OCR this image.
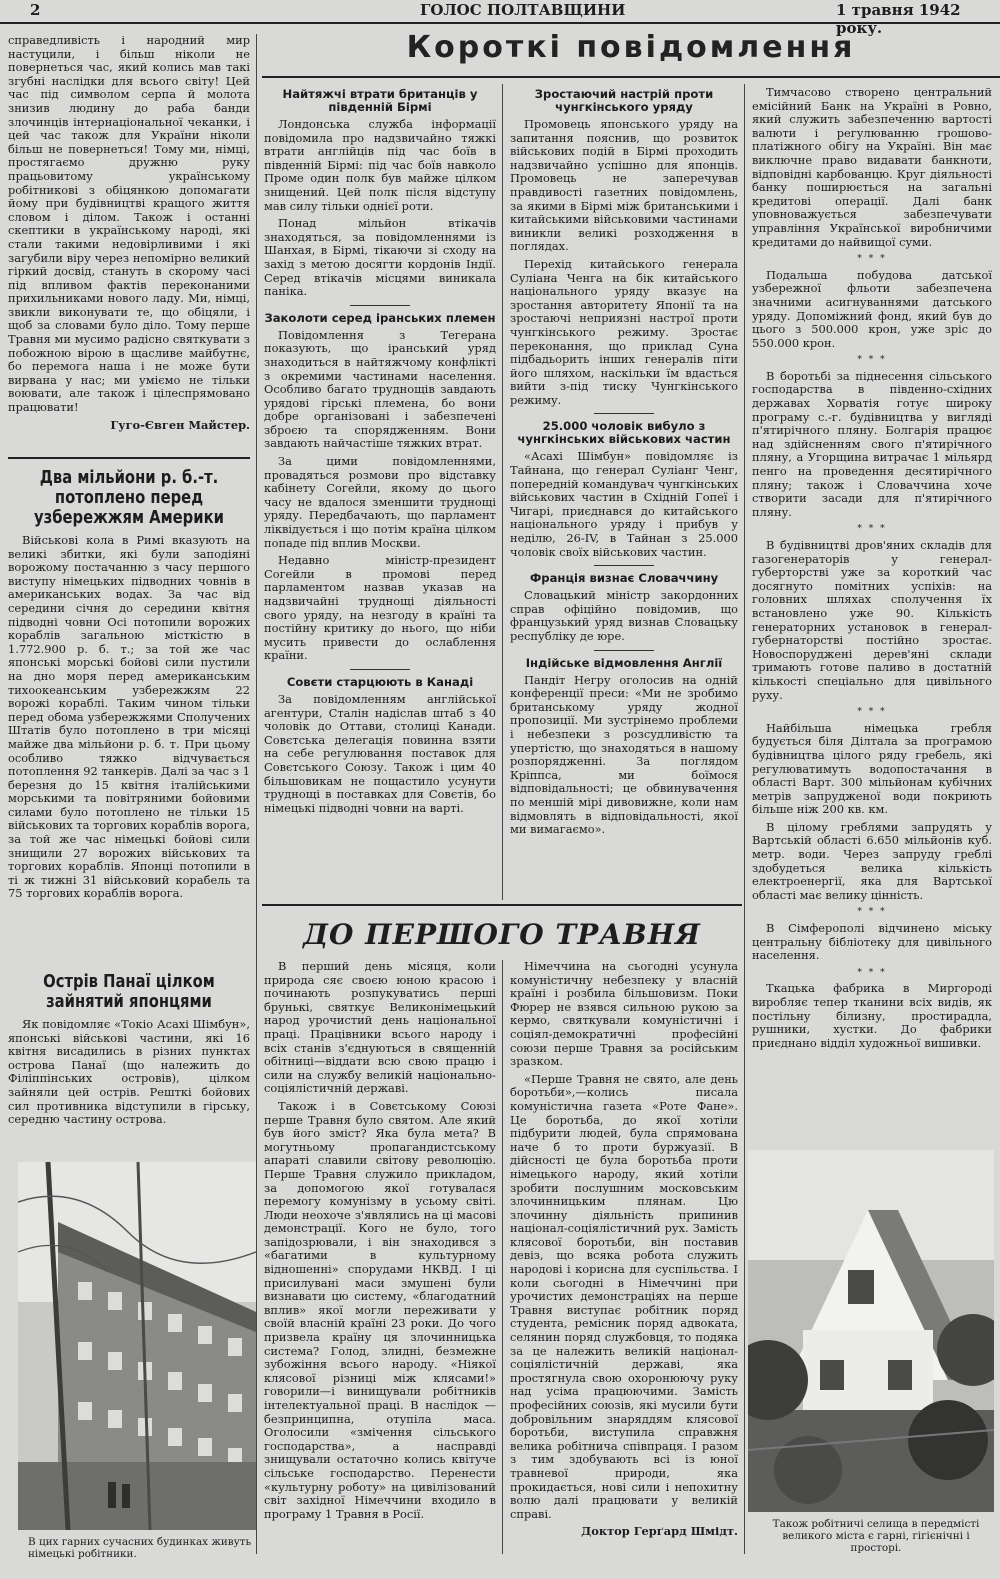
2	ГОЛОС ПОЛТАВЩИНИ	1 травня 1942 року.

справедливість і народний мир настуцили, і більш ніколи не повернеться час, який колись мав такі згубні наслідки для всього світу! Цей час під символом серпа й молота знизив людину до раба банди злочинців інтернаціональної чеканки, і цей час також для України ніколи більш не повернеться! Тому ми, німці, простягаємо дружню руку працьовитому українському робітникові з обіцянкою допомагати йому при будівництві кращого життя словом і ділом. Також і останні скептики в українському народі, які стали такими недовірливими і які загубили віру через непомірно великий гіркий досвід, стануть в скорому часі під впливом фактів переконаними прихильниками нового ладу. Ми, німці, звикли виконувати те, що обіцяли, і щоб за словами було діло. Тому перше Травня ми мусимо радісно святкувати з побожною вірою в щасливе майбутнє, бо перемога наша і не може бути вирвана у нас; ми уміємо не тільки воювати, але також і цілеспрямовано працювати!

Гуго-Євген Майстер.
Два мільйони р. б.-т. потоплено перед узбережжям Америки

Військові кола в Римі вказують на великі збитки, які були заподіяні ворожому постачанню з часу першого виступу німецьких підводних човнів в американських водах. За час від середини січня до середини квітня підводні човни Осі потопили ворожих кораблів загальною місткістю в 1.772.900 р. б. т.; за той же час японські морські бойові сили пустили на дно моря перед американським тихоокеанським узбережжям 22 ворожі кораблі. Таким чином тільки перед обома узбережжями Сполучених Штатів було потоплено в три місяці майже два мільйони р. б. т. При цьому особливо тяжко відчувається потоплення 92 танкерів. Далі за час з 1 березня до 15 квітня італійськими морськими та повітряними бойовими силами було потоплено не тільки 15 військових та торгових кораблів ворога, за той же час німецькі бойові сили знищили 27 ворожих військових та торгових кораблів. Японці потопили в ті ж тижні 31 військовий корабель та 75 торгових кораблів ворога.

Острів Панаї цілком зайнятий японцями

Як повідомляє «Токіо Асахі Шімбун», японські військові частини, які 16 квітня висадились в різних пунктах острова Панаї (що належить до Філіппінських островів), цілком зайняли цей острів. Решткі бойових сил противника відступили в гірську, середню частину острова.

В цих гарних сучасних будинках живуть німецькі робітники.
Короткі повідомлення
Найтяжчі втрати британців у південній Бірмі

Лондонська служба інформації повідомила про надзвичайно тяжкі втрати англійців під час боїв в південній Бірмі: під час боїв навколо Проме один полк був майже цілком знищений. Цей полк після відступу мав силу тільки однієї роти.

Понад мільйон втікачів знаходяться, за повідомленнями із Шанхая, в Бірмі, тікаючи зі сходу на захід з метою досягти кордонів Індії. Серед втікачів місцями виникала паніка.

Заколоти серед іранських племен

Повідомлення з Тегерана показують, що іранський уряд знаходиться в найтяжчому конфлікті з окремими частинами населення. Особливо багато труднощів завдають урядові гірські племена, бо вони добре організовані і забезпечені зброєю та спорядженням. Вони завдають найчастіше тяжких втрат.

За цими повідомленнями, провадяться розмови про відставку кабінету Согейли, якому до цього часу не вдалося зменшити труднощі уряду. Передбачають, що парламент ліквідується і що потім країна цілком попаде під вплив Москви.

Недавно міністр-президент Согейли в промові перед парламентом назвав указав на надзвичайні труднощі діяльності свого уряду, на незгоду в країні та постійну критику до нього, що ніби мусить привести до ослаблення країни.

Совєти старцюють в Канаді

За повідомленням англійської агентури, Сталін надіслав штаб з 40 чоловік до Оттави, столиці Канади. Совєтська делегація повинна взяти на себе регулювання поставок для Совєтського Союзу. Також і цим 40 більшовикам не пощастило усунути труднощі в поставках для Совєтів, бо німецькі підводні човни на варті.

Зростаючий настрій проти чунгкінського уряду

Промовець японського уряду на запитання пояснив, що розвиток військових подій в Бірмі проходить надзвичайно успішно для японців. Промовець не заперечував правдивості газетних повідомлень, за якими в Бірмі між британськими і китайськими військовими частинами виникли великі розходження в поглядах.

Перехід китайського генерала Суліана Ченга на бік китайського національного уряду вказує на зростання авторитету Японії та на зростаючі неприязні настрої проти чунгкінського режиму. Зростає переконання, що приклад Суна підбадьорить інших генералів піти його шляхом, наскільки їм вдасться вийти з-під тиску Чунгкінського режиму.

25.000 чоловік вибуло з чунгкінських військових частин

«Асахі Шімбун» повідомляє із Тайнана, що генерал Суліанг Ченг, попередній командувач чунгкінських військових частин в Східній Гопеї і Чигарі, приєднався до китайського національного уряду і прибув у неділю, 26-IV, в Тайнан з 25.000 чоловік своїх військових частин.

Франція визнає Словаччину

Словацький міністр закордонних справ офіційно повідомив, що французький уряд визнав Словацьку республіку де юре.

Індійське відмовлення Англії

Пандіт Негру оголосив на одній конференції преси: «Ми не зробимо британському уряду жодної пропозиції. Ми зустрінемо проблеми і небезпеки з розсудливістю та упертістю, що знаходяться в нашому розпорядженні. За поглядом Кріппса, ми боїмося відповідальності; це обвинувачення по меншій мірі дивовижне, коли нам відмовлять в відповідальності, якої ми вимагаємо».

Тимчасово створено центральний емісійний Банк на Україні в Ровно, який служить забезпеченню вартості валюти і регулюванню грошово-платіжного обігу на Україні. Він має виключне право видавати банкноти, відповідні карбованцю. Круг діяльності банку поширюється на загальні кредитові операції. Далі банк уповноважується забезпечувати управління Української виробничими кредитами до найвищої суми.

* * *

Подальша побудова датської узбережної фльоти забезпечена значними асигнуваннями датського уряду. Допоміжний фонд, який був до цього з 500.000 крон, уже зріс до 550.000 крон.

* * *

В боротьбі за піднесення сільського господарства в південно-східних державах Хорватія готує широку програму с.-г. будівництва у вигляді п'ятирічного пляну. Болгарія працює над здійсненням свого п'ятирічного пляну, а Угорщина витрачає 1 мільярд пенго на проведення десятирічного пляну; також і Словаччина хоче створити засади для п'ятирічного пляну.

* * *

В будівництві дров'яних складів для газогенераторів у генерал-губерторстві уже за короткий час досягнуто помітних успіхів: на головних шляхах сполучення їх встановлено уже 90. Кількість генераторних установок в генерал-губернаторстві постійно зростає. Новоспоруджені дерев'яні склади тримають готове паливо в достатній кількості спеціально для цивільного руху.

* * *

Найбільша німецька гребля будується біля Ділтала за програмою будівництва цілого ряду гребель, які регулюватимуть водопостачання в області Варт. 300 мільйонам кубічних метрів запрудженої води покриють більше ніж 200 кв. км.

В цілому греблями запрудять у Вартській області 6.650 мільйонів куб. метр. води. Через запруду греблі здобудеться велика кількість електроенергії, яка для Вартської області має велику цінність.

* * *

В Сімферополі відчинено міську центральну бібліотеку для цивільного населення.

* * *

Ткацька фабрика в Миргороді виробляє тепер тканини всіх видів, як постільну білизну, простирадла, рушники, хустки. До фабрики приєднано відділ художньої вишивки.

Також робітничі селища в передмісті великого міста є гарні, гігієнічні і просторі.
ДО ПЕРШОГО ТРАВНЯ

В перший день місяця, коли природа сяє своєю юною красою і починають розпукуватись перші брунькі, святкує Великонімецький народ урочистий день національної праці. Працівники всього народу і всіх станів з'єднуються в священній обітниці—віддати всю свою працю і сили на службу великій національно-соціялістичній державі.

Також і в Совєтському Союзі перше Травня було святом. Але який був його зміст? Яка була мета? В могутньому пропагандистському апараті славили світову революцію. Перше Травня служило прикладом, за допомогою якої готувалася перемогу комунізму в усьому світі. Люди неохоче з'являлись на ці масові демонстрації. Кого не було, того запідозрювали, і він знаходився з «багатими в культурному відношенні» спорудами НКВД. І ці присилувані маси змушені були визнавати цю систему, «благодатний вплив» якої могли переживати у своїй власній країні 23 роки. До чого призвела країну ця злочинницька система? Голод, злидні, безмежне зубожіння всього народу. «Ніякої клясової різниці між клясами!» говорили—і винищували робітників інтелектуальної праці. В наслідок — безпринципна, отупіла маса. Оголосили «змічення сільського господарства», а насправді знищували остаточно колись квітуче сільське господарство. Перенести «культурну роботу» на цивілізований світ західної Німеччини входило в програму 1 Травня в Росії.

Німеччина на сьогодні усунула комуністичну небезпеку у власній країні і розбила більшовизм. Поки Фюрер не взявся сильною рукою за кермо, святкували комуністичні і соціял-демократичні професійні союзи перше Травня за російським зразком.

«Перше Травня не свято, але день боротьби»,—колись писала комуністична газета «Роте Фане». Це боротьба, до якої хотіли підбурити людей, була спрямована наче б то проти буржуазії. В дійсності це була боротьба проти німецького народу, який хотіли зробити послушним московським злочинницьким плянам. Цю злочинну діяльність припинив націонал-соціялістичний рух. Замість клясової боротьби, він поставив девіз, що всяка робота служить народові і корисна для суспільства. І коли сьогодні в Німеччині при урочистих демонстраціях на перше Травня виступає робітник поряд студента, ремісник поряд адвоката, селянин поряд службовця, то подяка за це належить великій націонал-соціялістичній державі, яка простягнула свою охоронюючу руку над усіма працюючими. Замість професійних союзів, які мусили бути добровільним знаряддям клясової боротьби, виступила справжня велика робітнича співпраця. І разом з тим здобувають всі із юної травневої природи, яка прокидається, нові сили і непохитну волю далі працювати у великій справі.

Доктор Герґард Шмідт.
